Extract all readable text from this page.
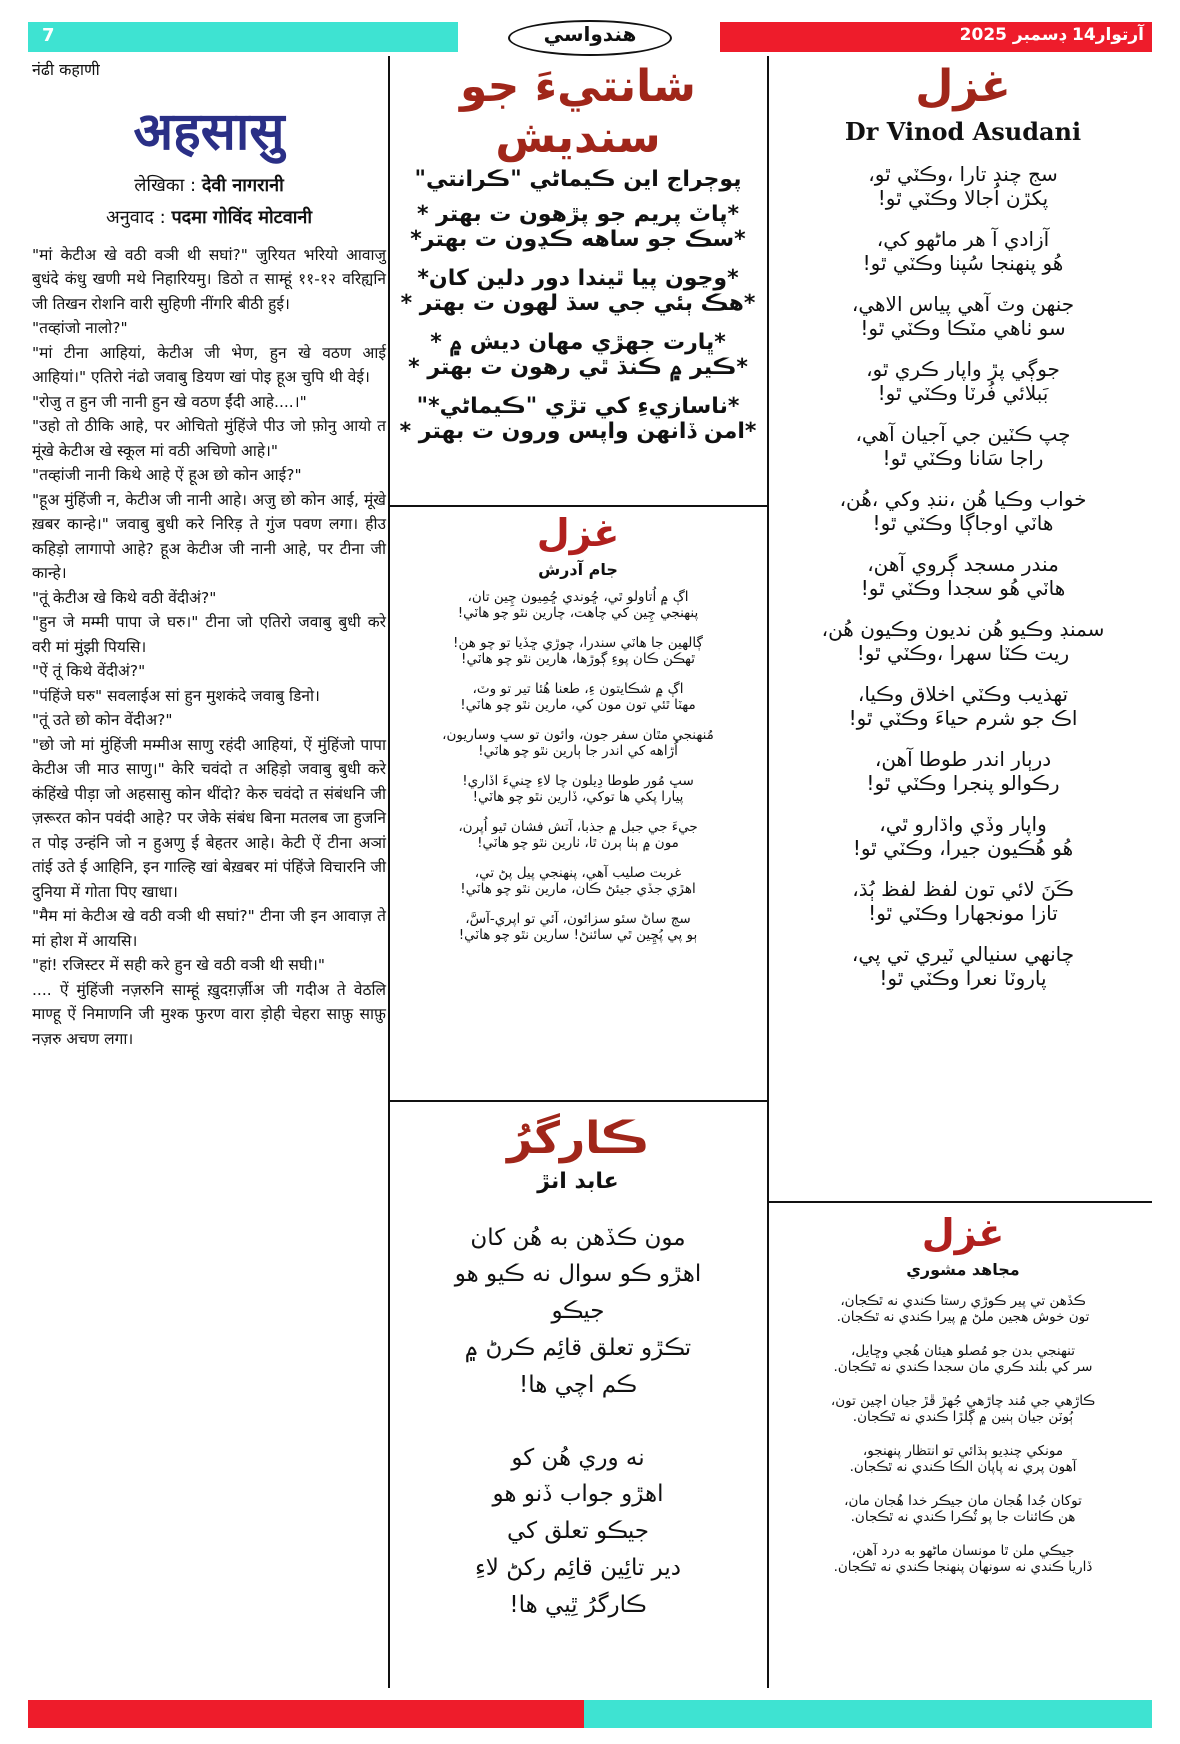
7	آرتوار14 ڊسمبر 2025
هندواسي

नंढी कहाणी

अहसासु
लेखिका : देवी नागरानी
अनुवाद : पदमा गोविंद मोटवानी

"मां केटीअ खे वठी वञी थी सघां?" जुरियत भरियो आवाजु बुधंदे कंधु खणी मथे निहारियमु। डिठो त साम्हूं ११-१२ वरिह्यनि जी तिखन रोशनि वारी सुहिणी नींगरि बीठी हुई।

"तव्हांजो नालो?"

"मां टीना आहियां, केटीअ जी भेण, हुन खे वठण आई आहियां।" एतिरो नंढो जवाबु डियण खां पोइ हूअ चुपि थी वेई।

"रोजु त हुन जी नानी हुन खे वठण ईंदी आहे....।"

"उहो तो ठीकि आहे, पर ओचितो मुंहिंजे पीउ जो फ़ोनु आयो त मूंखे केटीअ खे स्कूल मां वठी अचिणो आहे।"

"तव्हांजी नानी किथे आहे ऐं हूअ छो कोन आई?"

"हूअ मुंहिंजी न, केटीअ जी नानी आहे। अजु छो कोन आई, मूंखे ख़बर कान्हे।" जवाबु बुधी करे निरिड़ ते गुंज पवण लगा। हीउ कहिड़ो लागापो आहे? हूअ केटीअ जी नानी आहे, पर टीना जी कान्हे।

"तूं केटीअ खे किथे वठी वेंदीअं?"

"हुन जे मम्मी पापा जे घरु।" टीना जो एतिरो जवाबु बुधी करे वरी मां मुंझी पियसि।

"ऐं तूं किथे वेंदीअं?"

"पंहिंजे घरु" सवलाईअ सां हुन मुशकंदे जवाबु डिनो।

"तूं उते छो कोन वेंदीअ?"

"छो जो मां मुंहिंजी मम्मीअ साणु रहंदी आहियां, ऐं मुंहिंजो पापा केटीअ जी माउ साणु।" केरि चवंदो त अहिड़ो जवाबु बुधी करे कंहिंखे पीड़ा जो अहसासु कोन थींदो? केरु चवंदो त संबंधनि जी ज़रूरत कोन पवंदी आहे? पर जेके संबंध बिना मतलब जा हुजनि त पोइ उन्हंनि जो न हुअणु ई बेहतर आहे। केटी ऐं टीना अञां तांई उते ई आहिनि, इन गाल्हि खां बेख़बर मां पंहिंजे विचारनि जी दुनिया में गोता पिए खाधा।

"मैम मां केटीअ खे वठी वञी थी सघां?" टीना जी इन आवाज़ ते मां होश में आयसि।

"हां! रजिस्टर में सही करे हुन खे वठी वञी थी सघी।"

.... ऐं मुंहिंजी नज़रुनि साम्हूं ख़ुदग़र्ज़ीअ जी गदीअ ते वेठलि माण्हू ऐं निमाणनि जी मुश्क फुरण वारा ड़ोही चेहरा साफ़ु साफ़ु नज़रु अचण लगा।

شانتيءَ جو سنديش
پوڄراج اين ڪيماڻي "ڪرانتي"
*پاٽ پريم جو پڙهون ت بهتر *
*سڪ جو ساهه ڪڍون ت بهتر*
*وڃون پيا ٿيندا دور دلين کان*
*هڪ ٻئي جي سڌ لهون ت بهتر *
*ڀارت جهڙي مهان ديش ۾ *
*ڪير ۾ ڪنڌ ٿي رهون ت بهتر *
*ناسازيءِ کي تڙي "ڪيماڻي*"
*امن ڏانهن واپس ورون ت بهتر *
غزل
جام آدرش
اڳ ۾ اُتاولو ٿي، ڇُوندي ڇُمِيون چِين تان،
پنهنجي چِين کي چاهت، چارين نٿو چو هاٽي!
ڳالهين جا هاٽي سندرا، چوڙي ڇڏيا تو چو هن!
ٿهڪن ڪان پوءِ ڳوڙها، هارين نٿو چو هاٽي!
اڳ ۾ شڪايتون ءِ، طعنا هُئا تير تو وٽ،
مهٽا ٿئي تون مون کي، مارين نٿو چو هاٽي!
مُنهنجي مٿان سفر جون، وائون تو سڀ وساريون،
اُڙاهه کي اندر جا ٻارين نٿو چو هاٽي!
سڀ مُور طوطا دِيلون چا لاءِ ڇنيءَ اڏاري!
پيارا پکي ها توکي، ڏارين نٿو چو هاٽي!
جيءَ جي جبل ۾ جذبا، آتش فشان ٿيو اُپرن،
مون ۾ ٻٺا ٻرن ٿا، ٺارين نٿو چو هاٽي!
غربت صليب آهي، پنهنجي پيل پڻ تي،
اهڙي جڏي جيئڻ ڪان، مارين نٿو چو هاٽي!
سڄ ساڻ سئو سزائون، آئي تو اپري-آسَّ،
ٻو پي پُڇِين ٿي سائنڻ! سارين نٿو چو هاٽي!
ڪارگرُ
عابد انڙ
مون ڪڏهن به هُن کان
اهڙو ڪو سوال نه ڪيو هو
جيڪو
تڪڙو تعلق قائِم ڪرڻ ۾
ڪم اچي ها!
نه وري هُن کو
اهڙو جواب ڏنو هو
جيڪو تعلق کي
دير تائِين قائِم رکڻ لاءِ
ڪارگرُ ٿِيي ها!
غزل
Dr Vinod Asudani
سج چنڊ تارا ،وڪٽي ٿو،
پکڙن اُجالا وڪٽي ٿو!
آزادي آ هر ماڻهو کي،
هُو پنهنجا سُپنا وڪٽي ٿو!
جنهن وٽ آهي پياس الاهي،
سو ٺاهي مٽڪا وڪٽي ٿو!
جوڳي پڙ واپار ڪري ٿو،
بَبلائي فُرٽا وڪٽي ٿو!
چپ ڪٽين جي آجيان آهي،
راجا سَانا وڪٽي ٿو!
خواب وڪيا هُن ،ننڊ وکي ،هُن،
هاٽي اوجاڳا وڪٽي ٿو!
مندر مسجد ڳروي آهن،
هاٽي هُو سجدا وڪٽي ٿو!
سمنڊ وڪيو هُن نديون وڪيون هُن،
ريت ڪٽا سهرا ،وڪٽي ٿو!
تهذيب وڪٽي اخلاق وڪيا،
اڪ جو شرم حياءَ وڪٽي ٿو!
درٻار اندر طوطا آهن،
رڪوالو پنجرا وڪٽي ٿو!
واپار وڏي واڌارو ٿي،
هُو هُڪيون جيرا، وڪٽي ٿو!
ڪَنَ لائي تون لفظ لفظ ٻُڌ،
تازا مونجهارا وڪٽي ٿو!
چانهي سنيالي ٽيري تي پي،
پاروٽا نعرا وڪٽي ٿو!
غزل
مجاهد مشوري
ڪڏهن تي پير ڪوڙي رستا ڪندي نه ٿڪجان،
تون خوش هجين ملڻ ۾ پيرا ڪندي نه ٿڪجان.
تنهنجي بدن جو مُصلو هيئان هُجي وڇايل،
سر کي بلند ڪري مان سجدا ڪندي نه ٿڪجان.
ڪاڙهي جي مُند چاڙهي جُهڙ ڦڙ جيان اچين تون،
ٻُوٽن جيان ٻنين ۾ ڳلڙا ڪندي نه ٿڪجان.
مونکي چنڊيو ٻڌائي تو انتظار پنهنجو،
آهون پري نه پاپان الڪا ڪندي نه ٿڪجان.
توکان جُدا هُجان مان جيڪر خدا هُجان مان،
هن ڪائنات جا پو ٽُڪرا ڪندي نه ٿڪجان.
جيڪي ملن ٿا مونسان ماڻهو به درد آهن،
ڏاريا ڪندي نه سونهان پنهنجا ڪندي نه ٿڪجان.
